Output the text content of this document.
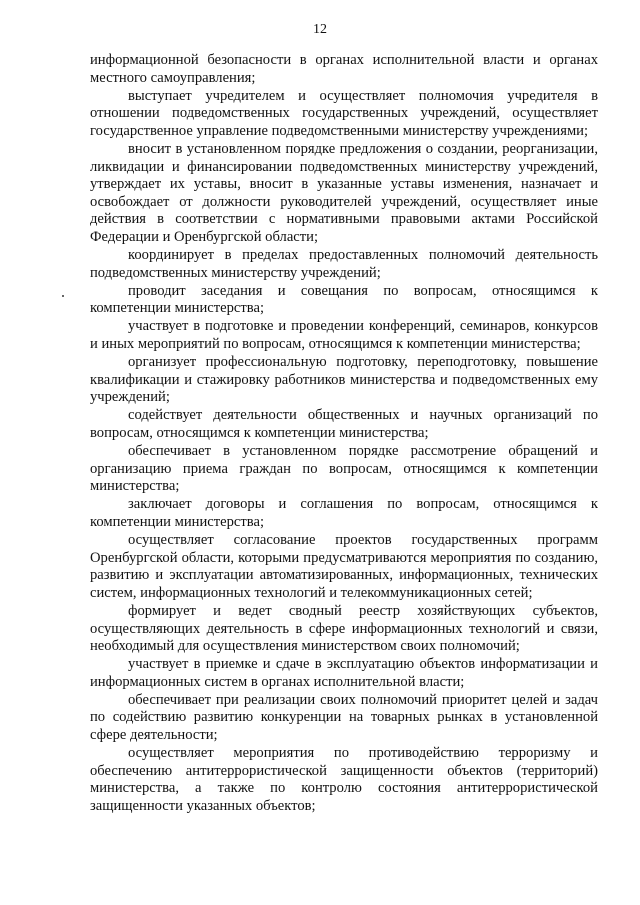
12

информационной безопасности в органах исполнительной власти и органах местного самоуправления;

выступает учредителем и осуществляет полномочия учредителя в отношении подведомственных государственных учреждений, осуществляет государственное управление подведомственными министерству учреждениями;

вносит в установленном порядке предложения о создании, реорганизации, ликвидации и финансировании подведомственных министерству учреждений, утверждает их уставы, вносит в указанные уставы изменения, назначает и освобождает от должности руководителей учреждений, осуществляет иные действия в соответствии с нормативными правовыми актами Российской Федерации и Оренбургской области;

координирует в пределах предоставленных полномочий деятельность подведомственных министерству учреждений;

проводит заседания и совещания по вопросам, относящимся к компетенции министерства;

участвует в подготовке и проведении конференций, семинаров, конкурсов и иных мероприятий по вопросам, относящимся к компетенции министерства;

организует профессиональную подготовку, переподготовку, повышение квалификации и стажировку работников министерства и подведомственных ему учреждений;

содействует деятельности общественных и научных организаций по вопросам, относящимся к компетенции министерства;

обеспечивает в установленном порядке рассмотрение обращений и организацию приема граждан по вопросам, относящимся к компетенции министерства;

заключает договоры и соглашения по вопросам, относящимся к компетенции министерства;

осуществляет согласование проектов государственных программ Оренбургской области, которыми предусматриваются мероприятия по созданию, развитию и эксплуатации автоматизированных, информационных, технических систем, информационных технологий и телекоммуникационных сетей;

формирует и ведет сводный реестр хозяйствующих субъектов, осуществляющих деятельность в сфере информационных технологий и связи, необходимый для осуществления министерством своих полномочий;

участвует в приемке и сдаче в эксплуатацию объектов информатизации и информационных систем в органах исполнительной власти;

обеспечивает при реализации своих полномочий приоритет целей и задач по содействию развитию конкуренции на товарных рынках в установленной сфере деятельности;

осуществляет мероприятия по противодействию терроризму и обеспечению антитеррористической защищенности объектов (территорий) министерства, а также по контролю состояния антитеррористической защищенности указанных объектов;
